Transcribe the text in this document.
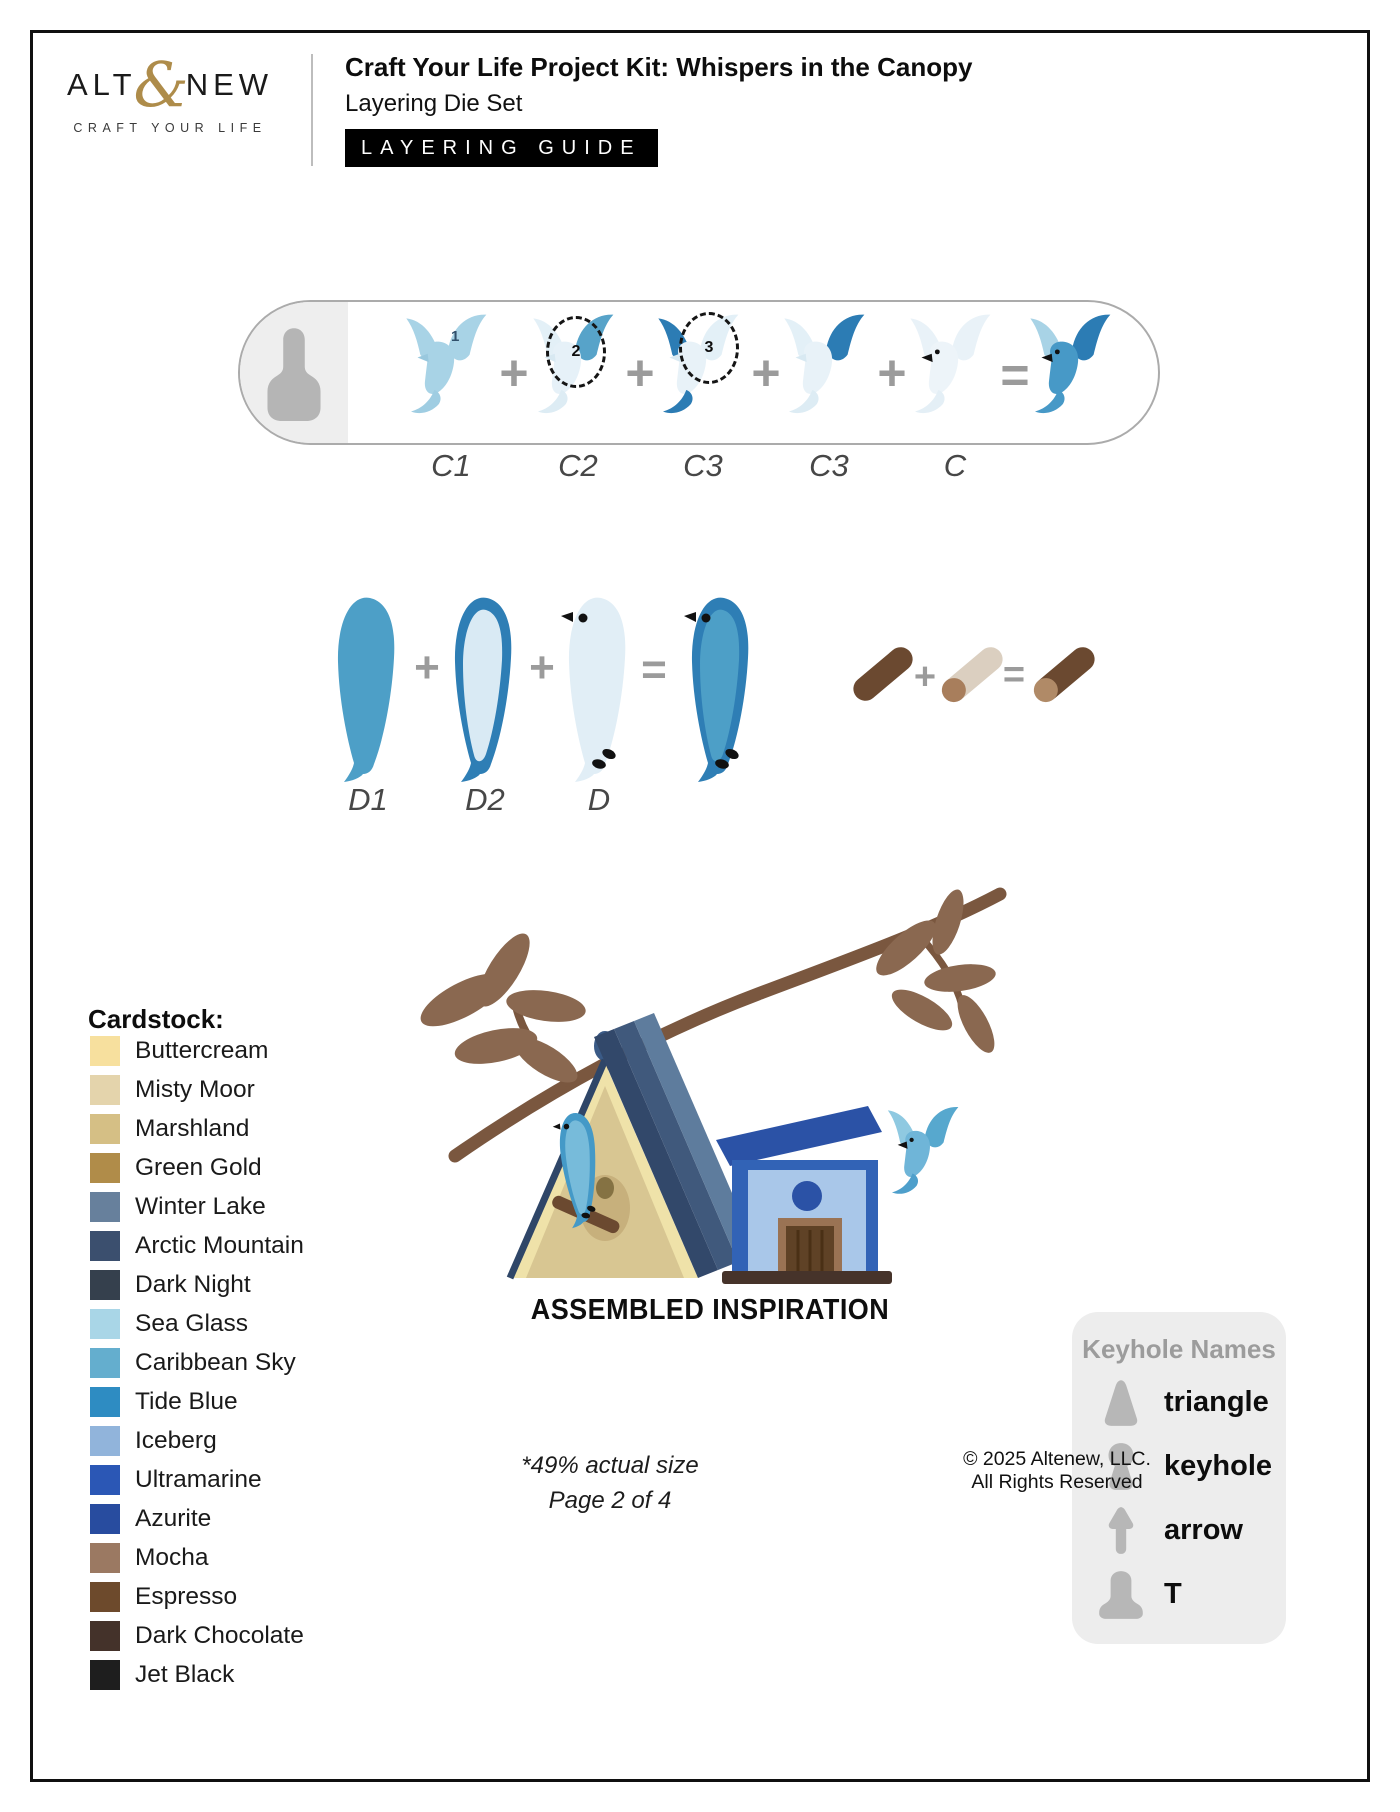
ALT
&
NEW
CRAFT YOUR LIFE
Craft Your Life Project Kit: Whispers in the Canopy
Layering Die Set
LAYERING GUIDE
1
+	2 +	3 + + =
C1	C2	C3	C3	C
+ + =
D1	D2	D
+ =
ASSEMBLED INSPIRATION
Cardstock:
Buttercream
Misty Moor
Marshland
Green Gold
Winter Lake
Arctic Mountain
Dark Night
Sea Glass
Caribbean Sky
Tide Blue
Iceberg
Ultramarine
Azurite
Mocha
Espresso
Dark Chocolate
Jet Black
Keyhole Names
triangle
keyhole
arrow
T
*49% actual size
Page 2 of 4
© 2025 Altenew, LLC.
All Rights Reserved
